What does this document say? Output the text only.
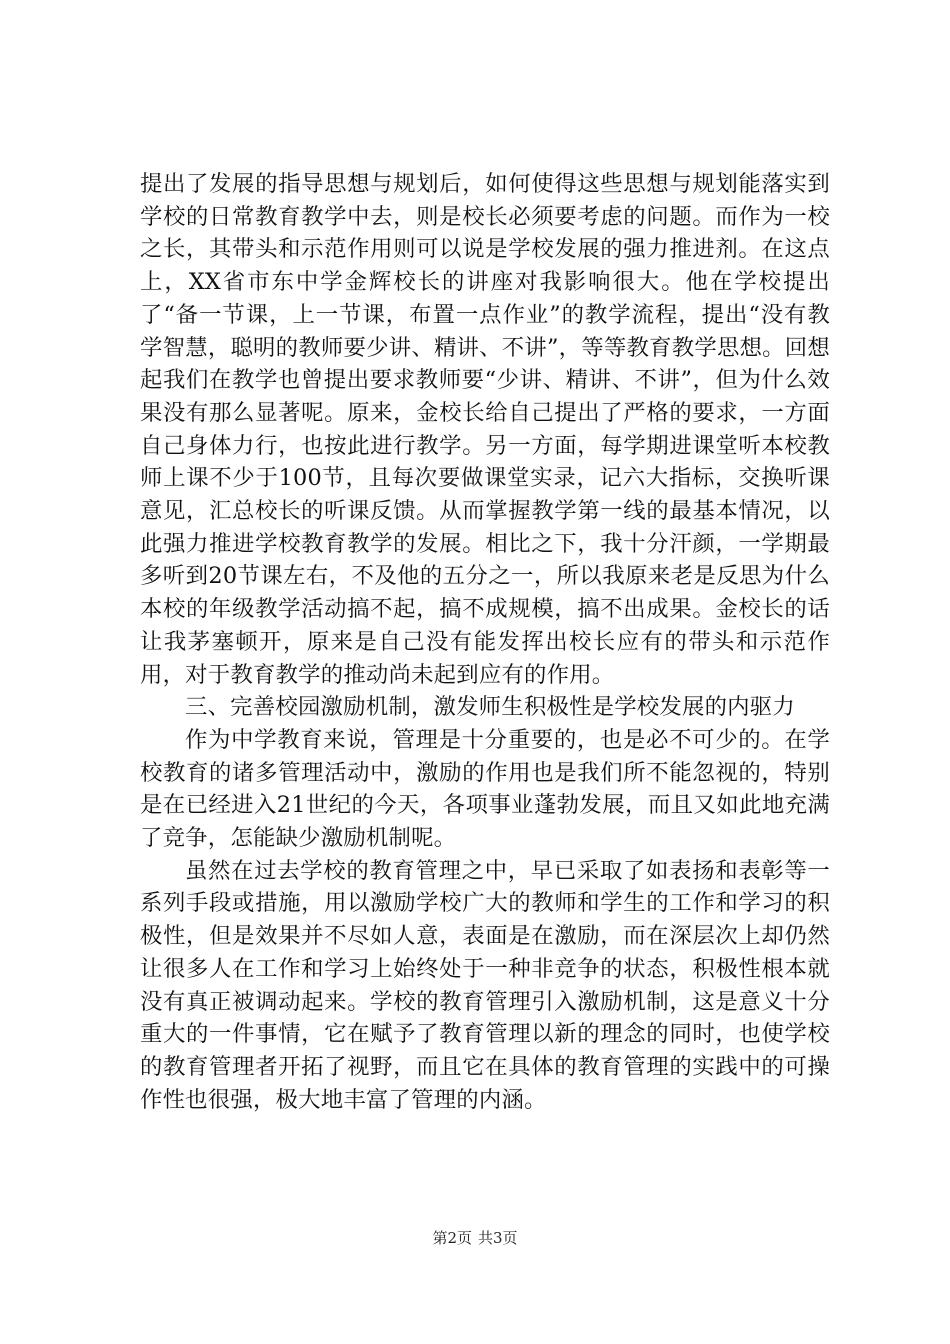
提出了发展的指导思想与规划后，如何使得这些思想与规划能落实到学校的日常教育教学中去，则是校长必须要考虑的问题。而作为一校之长，其带头和示范作用则可以说是学校发展的强力推进剂。在这点上，XX省市东中学金辉校长的讲座对我影响很大。他在学校提出了“备一节课，上一节课，布置一点作业”的教学流程，提出“没有教学智慧，聪明的教师要少讲、精讲、不讲”，等等教育教学思想。回想起我们在教学也曾提出要求教师要“少讲、精讲、不讲”，但为什么效果没有那么显著呢。原来，金校长给自己提出了严格的要求，一方面自己身体力行，也按此进行教学。另一方面，每学期进课堂听本校教师上课不少于100节，且每次要做课堂实录，记六大指标，交换听课意见，汇总校长的听课反馈。从而掌握教学第一线的最基本情况，以此强力推进学校教育教学的发展。相比之下，我十分汗颜，一学期最多听到20节课左右，不及他的五分之一，所以我原来老是反思为什么本校的年级教学活动搞不起，搞不成规模，搞不出成果。金校长的话让我茅塞顿开，原来是自己没有能发挥出校长应有的带头和示范作用，对于教育教学的推动尚未起到应有的作用。

三、完善校园激励机制，激发师生积极性是学校发展的内驱力

作为中学教育来说，管理是十分重要的，也是必不可少的。在学校教育的诸多管理活动中，激励的作用也是我们所不能忽视的，特别是在已经进入21世纪的今天，各项事业蓬勃发展，而且又如此地充满了竞争，怎能缺少激励机制呢。

虽然在过去学校的教育管理之中，早已采取了如表扬和表彰等一系列手段或措施，用以激励学校广大的教师和学生的工作和学习的积极性，但是效果并不尽如人意，表面是在激励，而在深层次上却仍然让很多人在工作和学习上始终处于一种非竞争的状态，积极性根本就没有真正被调动起来。学校的教育管理引入激励机制，这是意义十分重大的一件事情，它在赋予了教育管理以新的理念的同时，也使学校的教育管理者开拓了视野，而且它在具体的教育管理的实践中的可操作性也很强，极大地丰富了管理的内涵。

第2页 共3页
